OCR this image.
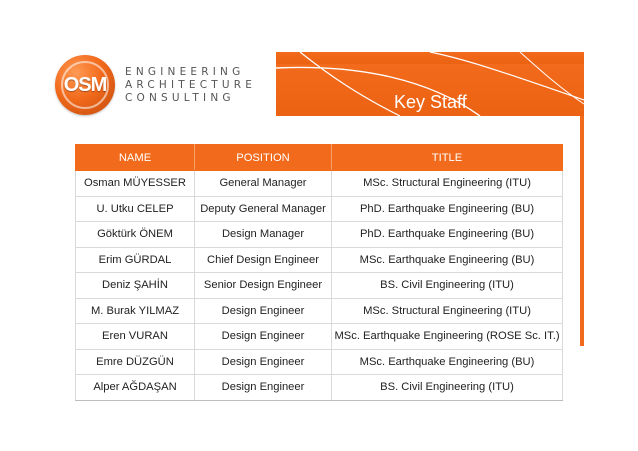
Key Staff
OSM
ENGINEERING
ARCHITECTURE
CONSULTING
NAME	POSITION	TITLE
Osman MÜYESSER	General Manager	MSc. Structural Engineering (ITU)
U. Utku CELEP	Deputy General Manager	PhD. Earthquake Engineering (BU)
Göktürk ÖNEM	Design Manager	PhD. Earthquake Engineering (BU)
Erim GÜRDAL	Chief Design Engineer	MSc. Earthquake Engineering (BU)
Deniz ŞAHİN	Senior Design Engineer	BS. Civil Engineering (ITU)
M. Burak YILMAZ	Design Engineer	MSc. Structural Engineering (ITU)
Eren VURAN	Design Engineer	MSc. Earthquake Engineering (ROSE Sc. IT.)
Emre DÜZGÜN	Design Engineer	MSc. Earthquake Engineering (BU)
Alper AĞDAŞAN	Design Engineer	BS. Civil Engineering (ITU)
